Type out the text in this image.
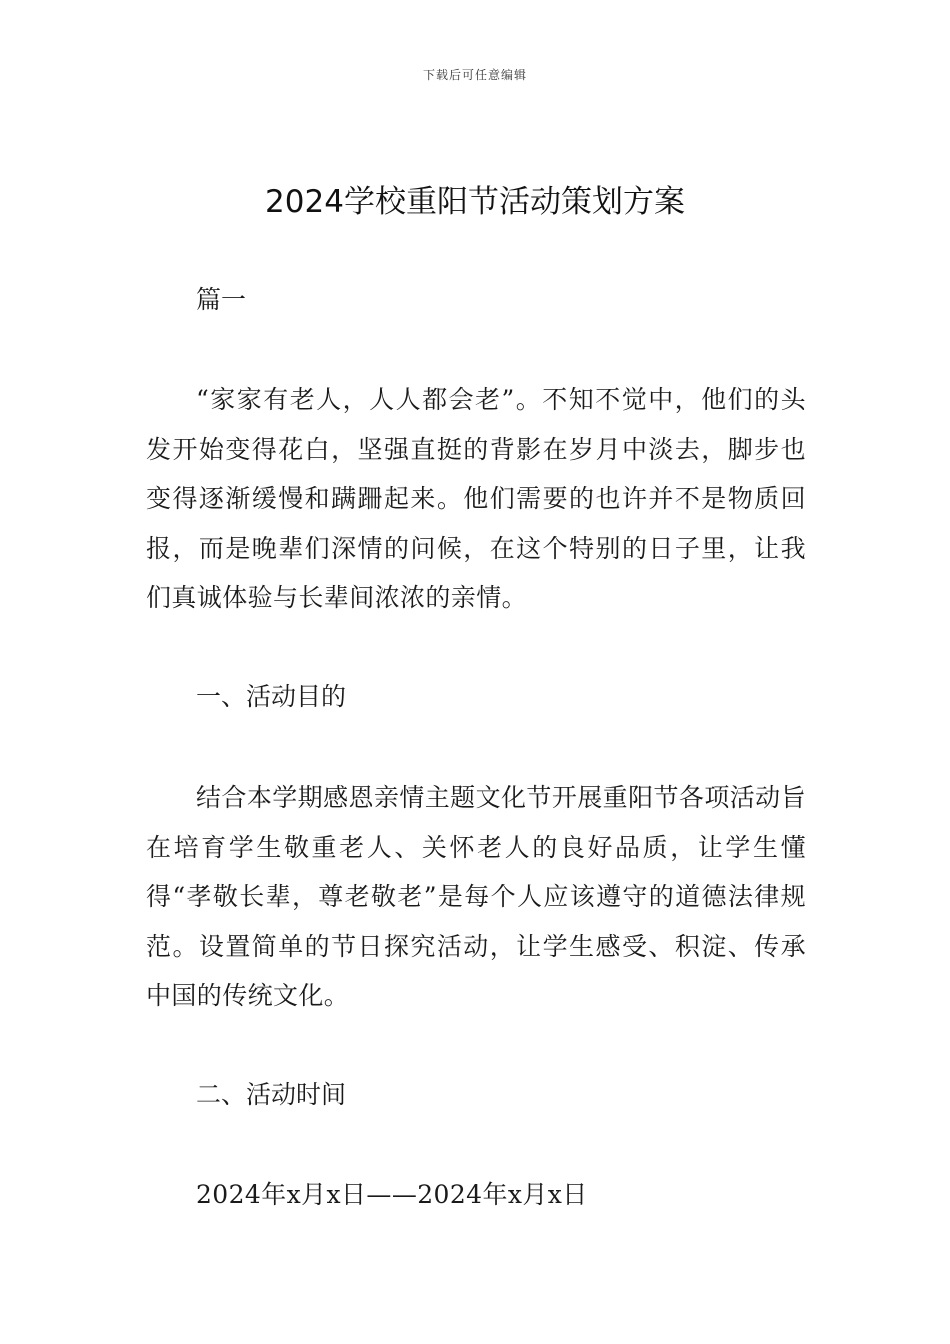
下载后可任意编辑
2024学校重阳节活动策划方案
篇一

“家家有老人，人人都会老”。不知不觉中，他们的头发开始变得花白，坚强直挺的背影在岁月中淡去，脚步也变得逐渐缓慢和蹒跚起来。他们需要的也许并不是物质回报，而是晚辈们深情的问候，在这个特别的日子里，让我们真诚体验与长辈间浓浓的亲情。

一、活动目的

结合本学期感恩亲情主题文化节开展重阳节各项活动旨在培育学生敬重老人、关怀老人的良好品质，让学生懂得“孝敬长辈，尊老敬老”是每个人应该遵守的道德法律规范。设置简单的节日探究活动，让学生感受、积淀、传承中国的传统文化。

二、活动时间

2024年x月x日——2024年x月x日
